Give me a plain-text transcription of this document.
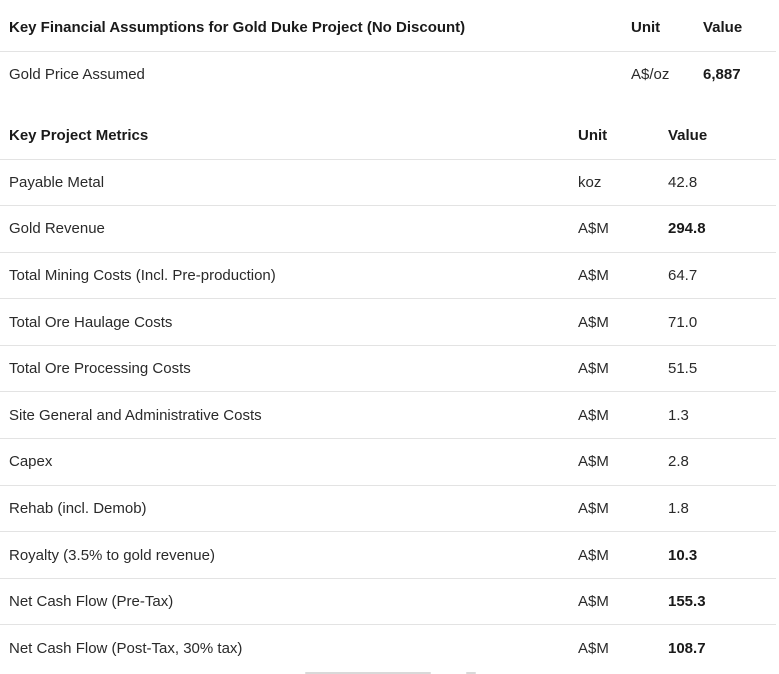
Key Financial Assumptions for Gold Duke Project (No Discount)	Unit	Value
Gold Price Assumed	A$/oz	6,887
Key Project Metrics	Unit	Value
Payable Metal	koz	42.8
Gold Revenue	A$M	294.8
Total Mining Costs (Incl. Pre-production)	A$M	64.7
Total Ore Haulage Costs	A$M	71.0
Total Ore Processing Costs	A$M	51.5
Site General and Administrative Costs	A$M	1.3
Capex	A$M	2.8
Rehab (incl. Demob)	A$M	1.8
Royalty (3.5% to gold revenue)	A$M	10.3
Net Cash Flow (Pre-Tax)	A$M	155.3
Net Cash Flow (Post-Tax, 30% tax)	A$M	108.7
